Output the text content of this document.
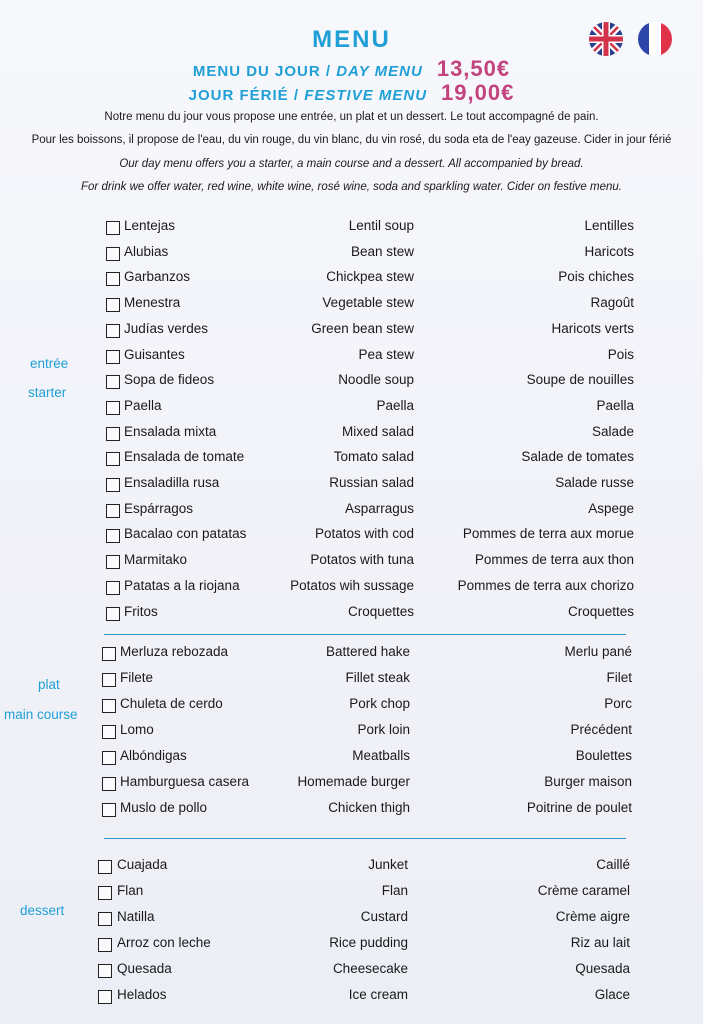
MENU
MENU DU JOUR / DAY MENU 13,50€
JOUR FÉRIÉ / FESTIVE MENU 19,00€
Notre menu du jour vous propose une entrée, un plat et un dessert. Le tout accompagné de pain.
Pour les boissons, il propose de l'eau, du vin rouge, du vin blanc, du vin rosé, du soda eta de l'eay gazeuse. Cider in jour férié
Our day menu offers you a starter, a main course and a dessert. All accompanied by bread.
For drink we offer water, red wine, white wine, rosé wine, soda and sparkling water. Cider on festive menu.
entrée
starter
plat
main course
dessert
Lentejas	Lentil soup	Lentilles
Alubias	Bean stew	Haricots
Garbanzos	Chickpea stew	Pois chiches
Menestra	Vegetable stew	Ragoût
Judías verdes	Green bean stew	Haricots verts
Guisantes	Pea stew	Pois
Sopa de fideos	Noodle soup	Soupe de nouilles
Paella	Paella	Paella
Ensalada mixta	Mixed salad	Salade
Ensalada de tomate	Tomato salad	Salade de tomates
Ensaladilla rusa	Russian salad	Salade russe
Espárragos	Asparragus	Aspege
Bacalao con patatas	Potatos with cod	Pommes de terra aux morue
Marmitako	Potatos with tuna	Pommes de terra aux thon
Patatas a la riojana	Potatos wih sussage	Pommes de terra aux chorizo
Fritos	Croquettes	Croquettes
Merluza rebozada	Battered hake	Merlu pané
Filete	Fillet steak	Filet
Chuleta de cerdo	Pork chop	Porc
Lomo	Pork loin	Précédent
Albóndigas	Meatballs	Boulettes
Hamburguesa casera	Homemade burger	Burger maison
Muslo de pollo	Chicken thigh	Poitrine de poulet
Cuajada	Junket	Caillé
Flan	Flan	Crème caramel
Natilla	Custard	Crème aigre
Arroz con leche	Rice pudding	Riz au lait
Quesada	Cheesecake	Quesada
Helados	Ice cream	Glace
